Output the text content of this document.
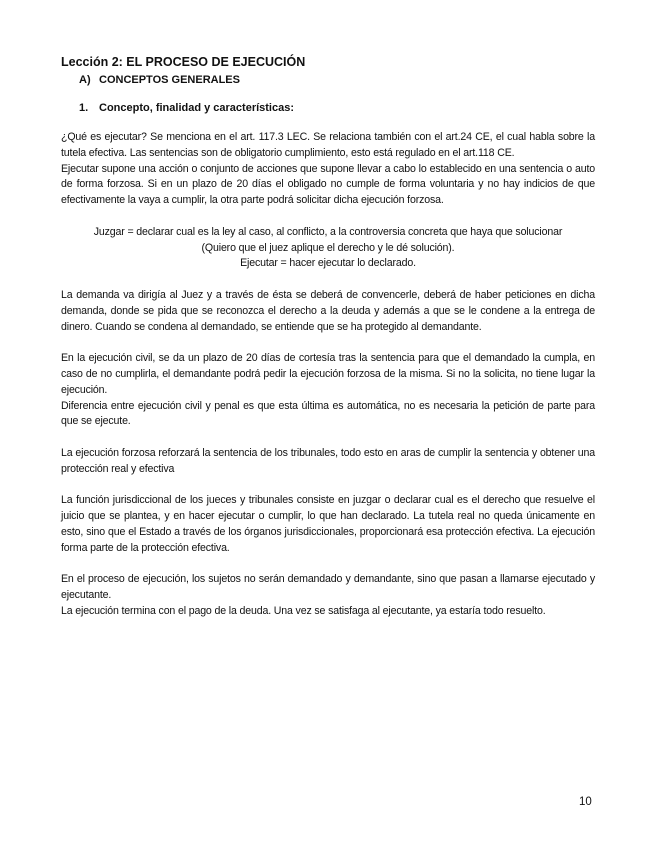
Lección 2: EL PROCESO DE EJECUCIÓN
A) CONCEPTOS GENERALES
1. Concepto, finalidad y características:

¿Qué es ejecutar? Se menciona en el art. 117.3 LEC. Se relaciona también con el art.24 CE, el cual habla sobre la tutela efectiva. Las sentencias son de obligatorio cumplimiento, esto está regulado en el art.118 CE.

Ejecutar supone una acción o conjunto de acciones que supone llevar a cabo lo establecido en una sentencia o auto de forma forzosa. Si en un plazo de 20 días el obligado no cumple de forma voluntaria y no hay indicios de que efectivamente la vaya a cumplir, la otra parte podrá solicitar dicha ejecución forzosa.

Juzgar = declarar cual es la ley al caso, al conflicto, a la controversia concreta que haya que solucionar

(Quiero que el juez aplique el derecho y le dé solución).

Ejecutar = hacer ejecutar lo declarado.

La demanda va dirigía al Juez y a través de ésta se deberá de convencerle, deberá de haber peticiones en dicha demanda, donde se pida que se reconozca el derecho a la deuda y además a que se le condene a la entrega de dinero. Cuando se condena al demandado, se entiende que se ha protegido al demandante.

En la ejecución civil, se da un plazo de 20 días de cortesía tras la sentencia para que el demandado la cumpla, en caso de no cumplirla, el demandante podrá pedir la ejecución forzosa de la misma. Si no la solicita, no tiene lugar la ejecución.

Diferencia entre ejecución civil y penal es que esta última es automática, no es necesaria la petición de parte para que se ejecute.

La ejecución forzosa reforzará la sentencia de los tribunales, todo esto en aras de cumplir la sentencia y obtener una protección real y efectiva

La función jurisdiccional de los jueces y tribunales consiste en juzgar o declarar cual es el derecho que resuelve el juicio que se plantea, y en hacer ejecutar o cumplir, lo que han declarado. La tutela real no queda únicamente en esto, sino que el Estado a través de los órganos jurisdiccionales, proporcionará esa protección efectiva. La ejecución forma parte de la protección efectiva.

En el proceso de ejecución, los sujetos no serán demandado y demandante, sino que pasan a llamarse ejecutado y ejecutante.

La ejecución termina con el pago de la deuda. Una vez se satisfaga al ejecutante, ya estaría todo resuelto.

10
